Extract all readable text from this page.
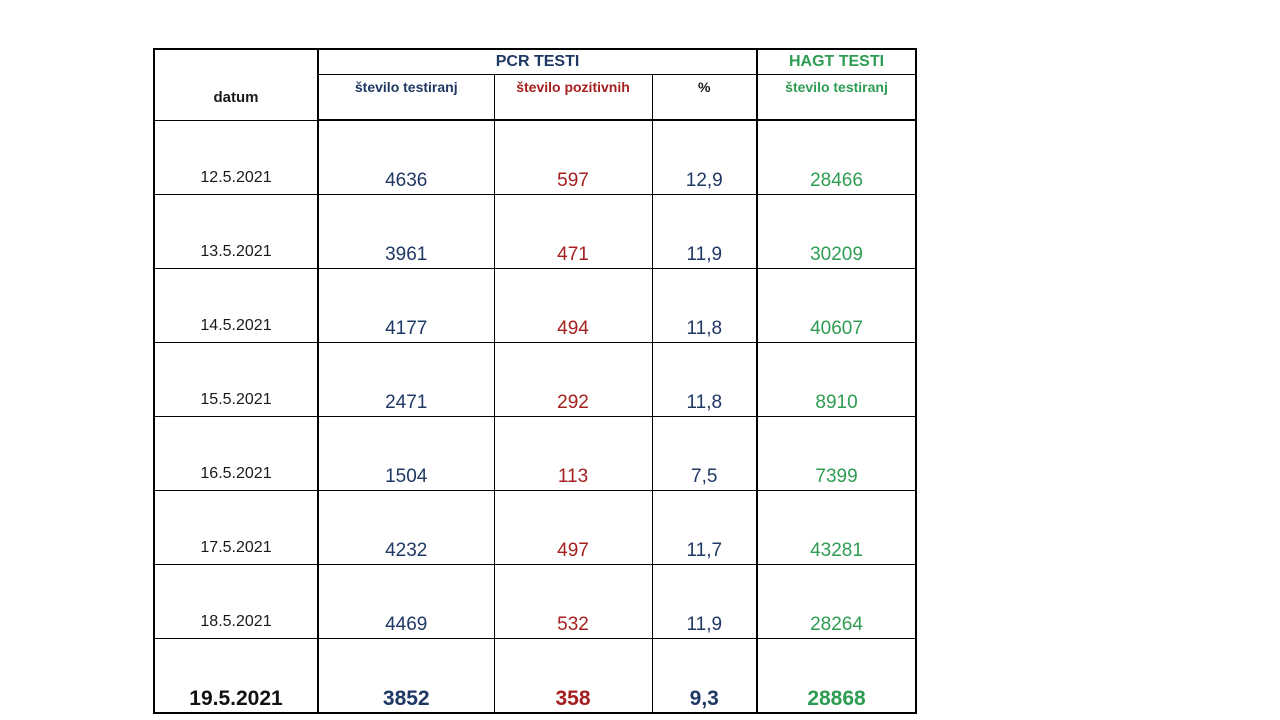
datum	PCR TESTI			HAGT TESTI
	število testiranj	število pozitivnih	%	število testiranj
12.5.2021	4636	597	12,9	28466
13.5.2021	3961	471	11,9	30209
14.5.2021	4177	494	11,8	40607
15.5.2021	2471	292	11,8	8910
16.5.2021	1504	113	7,5	7399
17.5.2021	4232	497	11,7	43281
18.5.2021	4469	532	11,9	28264
19.5.2021	3852	358	9,3	28868
